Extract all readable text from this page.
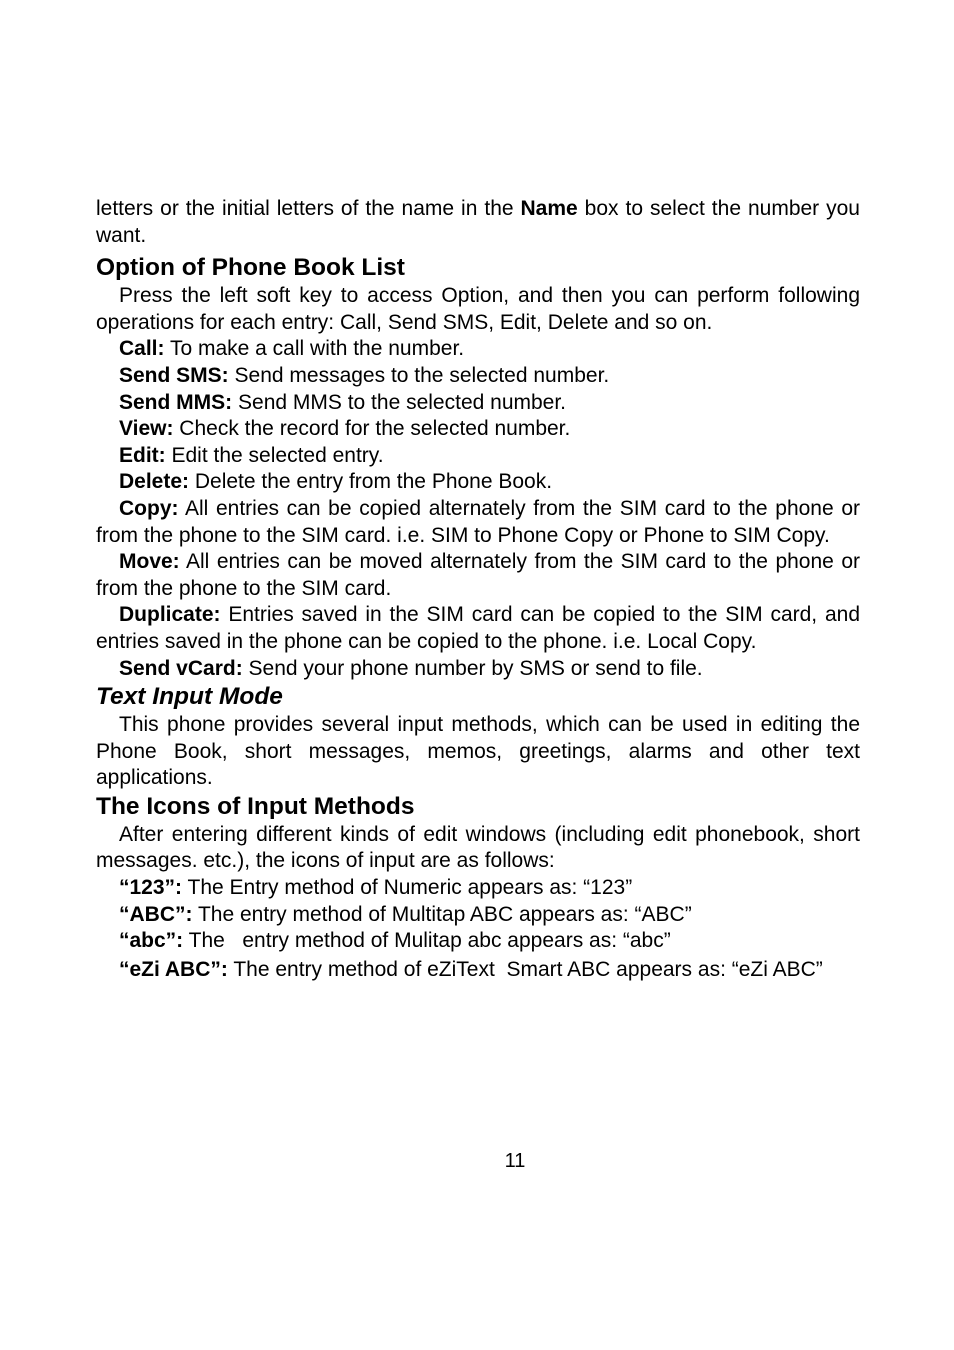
letters or the initial letters of the name in the Name box to select the number you want.

Option of Phone Book List

Press the left soft key to access Option, and then you can perform following operations for each entry: Call, Send SMS, Edit, Delete and so on.

Call: To make a call with the number.

Send SMS: Send messages to the selected number.

Send MMS: Send MMS to the selected number.

View: Check the record for the selected number.

Edit: Edit the selected entry.

Delete: Delete the entry from the Phone Book.

Copy: All entries can be copied alternately from the SIM card to the phone or from the phone to the SIM card. i.e. SIM to Phone Copy or Phone to SIM Copy.

Move: All entries can be moved alternately from the SIM card to the phone or from the phone to the SIM card.

Duplicate: Entries saved in the SIM card can be copied to the SIM card, and entries saved in the phone can be copied to the phone. i.e. Local Copy.

Send vCard: Send your phone number by SMS or send to file.

Text Input Mode

This phone provides several input methods, which can be used in editing the Phone Book, short messages, memos, greetings, alarms and other text applications.

The Icons of Input Methods

After entering different kinds of edit windows (including edit phonebook, short messages. etc.), the icons of input are as follows:

“123”: The Entry method of Numeric appears as: “123”

“ABC”: The entry method of Multitap ABC appears as: “ABC”

“abc”: The   entry method of Mulitap abc appears as: “abc”

“eZi ABC”: The entry method of eZiText  Smart ABC appears as: “eZi ABC”

11
